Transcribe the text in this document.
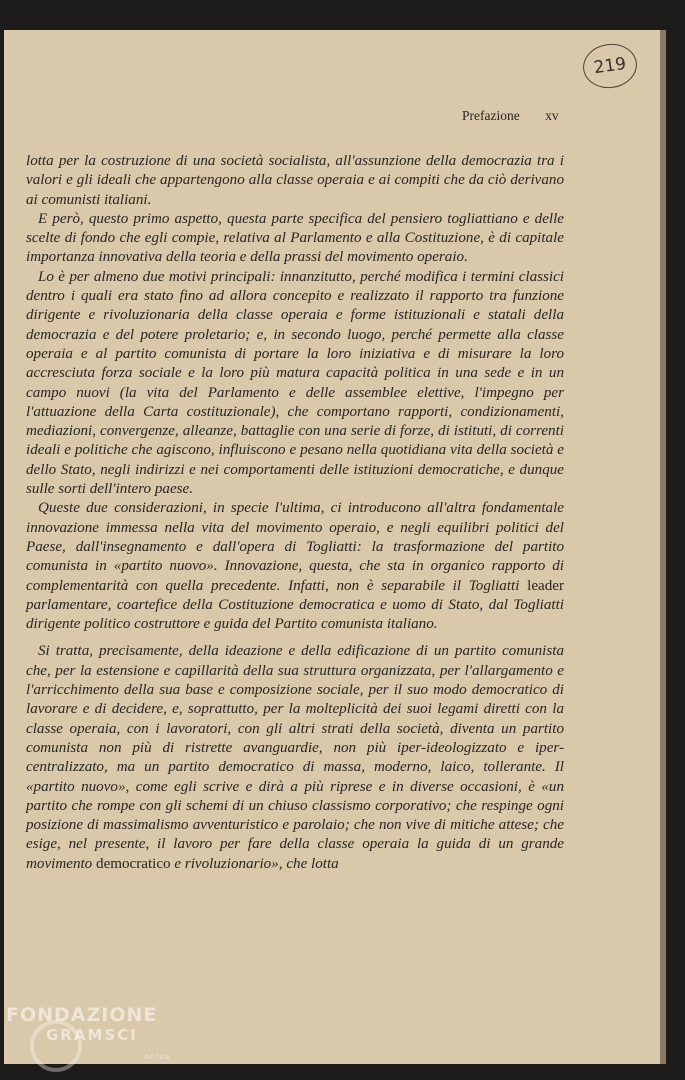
219
Prefazione xv

lotta per la costruzione di una società socialista, all'assunzione della democrazia tra i valori e gli ideali che appartengono alla classe operaia e ai compiti che da ciò derivano ai comunisti italiani.

E però, questo primo aspetto, questa parte specifica del pensiero togliattiano e delle scelte di fondo che egli compie, relativa al Parlamento e alla Costituzione, è di capitale importanza innovativa della teoria e della prassi del movimento operaio.

Lo è per almeno due motivi principali: innanzitutto, perché modifica i termini classici dentro i quali era stato fino ad allora concepito e realizzato il rapporto tra funzione dirigente e rivoluzionaria della classe operaia e forme istituzionali e statali della democrazia e del potere proletario; e, in secondo luogo, perché permette alla classe operaia e al partito comunista di portare la loro iniziativa e di misurare la loro accresciuta forza sociale e la loro più matura capacità politica in una sede e in un campo nuovi (la vita del Parlamento e delle assemblee elettive, l'impegno per l'attuazione della Carta costituzionale), che comportano rapporti, condizionamenti, mediazioni, convergenze, alleanze, battaglie con una serie di forze, di istituti, di correnti ideali e politiche che agiscono, influiscono e pesano nella quotidiana vita della società e dello Stato, negli indirizzi e nei comportamenti delle istituzioni democratiche, e dunque sulle sorti dell'intero paese.

Queste due considerazioni, in specie l'ultima, ci introducono all'altra fondamentale innovazione immessa nella vita del movimento operaio, e negli equilibri politici del Paese, dall'insegnamento e dall'opera di Togliatti: la trasformazione del partito comunista in «partito nuovo». Innovazione, questa, che sta in organico rapporto di complementarità con quella precedente. Infatti, non è separabile il Togliatti leader parlamentare, coartefice della Costituzione democratica e uomo di Stato, dal Togliatti dirigente politico costruttore e guida del Partito comunista italiano.

Si tratta, precisamente, della ideazione e della edificazione di un partito comunista che, per la estensione e capillarità della sua struttura organizzata, per l'allargamento e l'arricchimento della sua base e composizione sociale, per il suo modo democratico di lavorare e di decidere, e, soprattutto, per la molteplicità dei suoi legami diretti con la classe operaia, con i lavoratori, con gli altri strati della società, diventa un partito comunista non più di ristrette avanguardie, non più iper-ideologizzato e iper-centralizzato, ma un partito democratico di massa, moderno, laico, tollerante. Il «partito nuovo», come egli scrive e dirà a più riprese e in diverse occasioni, è «un partito che rompe con gli schemi di un chiuso classismo corporativo; che respinge ogni posizione di massimalismo avventuristico e parolaio; che non vive di mitiche attese; che esige, nel presente, il lavoro per fare della classe operaia la guida di un grande movimento democratico e rivoluzionario», che lotta

FONDAZIONE
GRAMSCI
onlus
